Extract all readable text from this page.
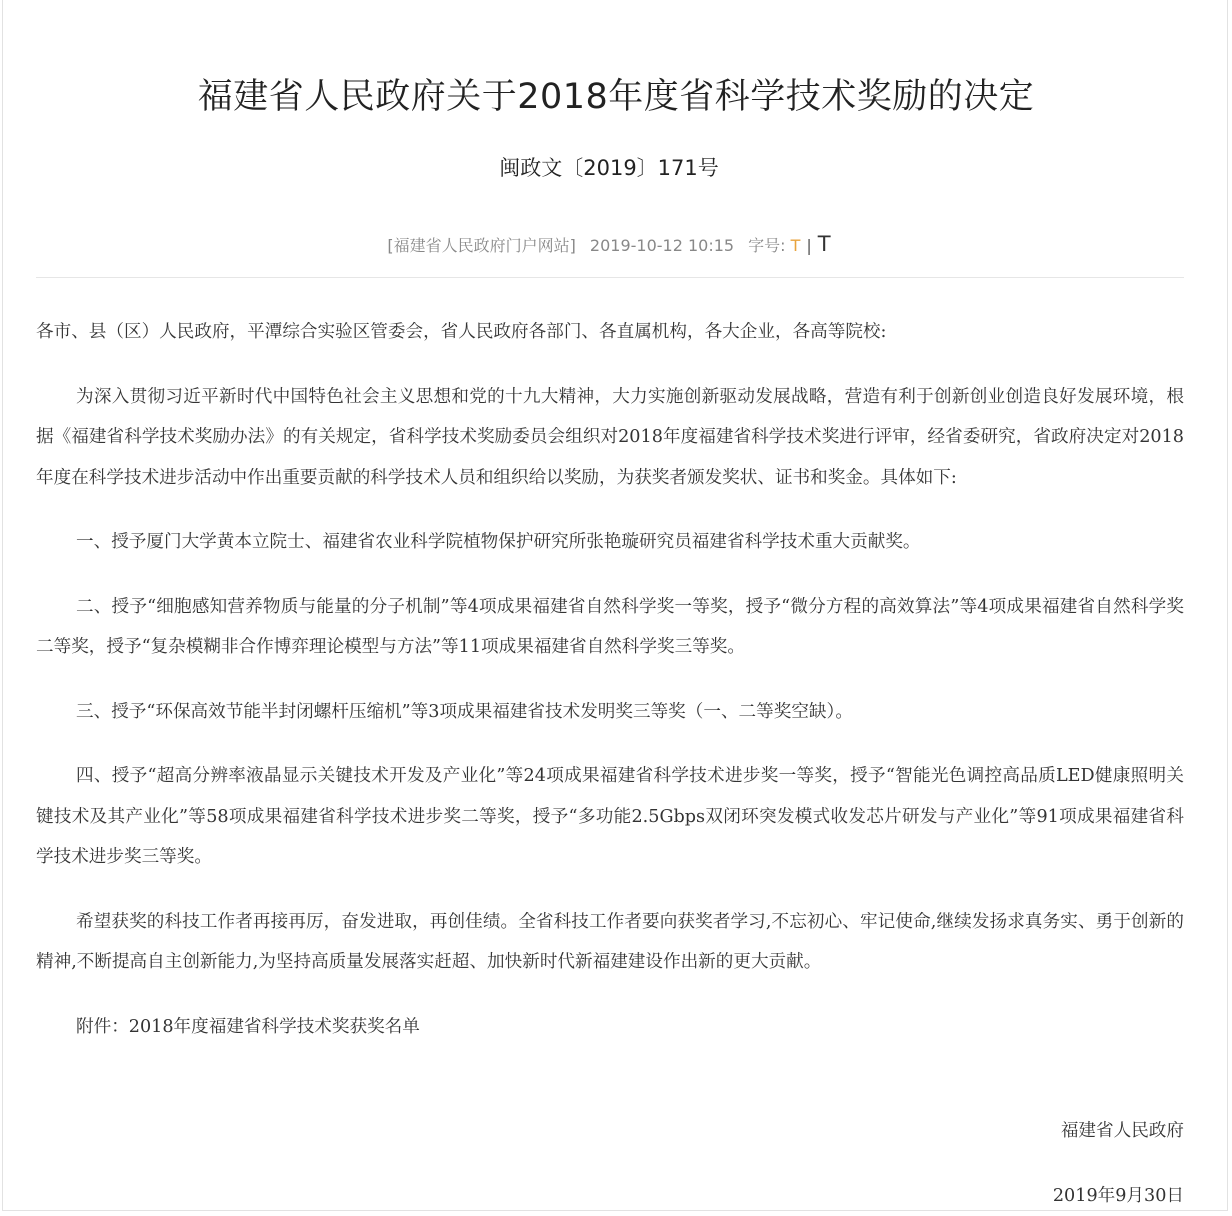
福建省人民政府关于2018年度省科学技术奖励的决定
闽政文〔2019〕171号
[福建省人民政府门户网站] 2019-10-12 10:15 字号: T | T

各市、县（区）人民政府，平潭综合实验区管委会，省人民政府各部门、各直属机构，各大企业，各高等院校:

为深入贯彻习近平新时代中国特色社会主义思想和党的十九大精神，大力实施创新驱动发展战略，营造有利于创新创业创造良好发展环境，根据《福建省科学技术奖励办法》的有关规定，省科学技术奖励委员会组织对2018年度福建省科学技术奖进行评审，经省委研究，省政府决定对2018年度在科学技术进步活动中作出重要贡献的科学技术人员和组织给以奖励，为获奖者颁发奖状、证书和奖金。具体如下:

一、授予厦门大学黄本立院士、福建省农业科学院植物保护研究所张艳璇研究员福建省科学技术重大贡献奖。

二、授予“细胞感知营养物质与能量的分子机制”等4项成果福建省自然科学奖一等奖，授予“微分方程的高效算法”等4项成果福建省自然科学奖二等奖，授予“复杂模糊非合作博弈理论模型与方法”等11项成果福建省自然科学奖三等奖。

三、授予“环保高效节能半封闭螺杆压缩机”等3项成果福建省技术发明奖三等奖（一、二等奖空缺）。

四、授予“超高分辨率液晶显示关键技术开发及产业化”等24项成果福建省科学技术进步奖一等奖，授予“智能光色调控高品质LED健康照明关键技术及其产业化”等58项成果福建省科学技术进步奖二等奖，授予“多功能2.5Gbps双闭环突发模式收发芯片研发与产业化”等91项成果福建省科学技术进步奖三等奖。

希望获奖的科技工作者再接再厉，奋发进取，再创佳绩。全省科技工作者要向获奖者学习,不忘初心、牢记使命,继续发扬求真务实、勇于创新的精神,不断提高自主创新能力,为坚持高质量发展落实赶超、加快新时代新福建建设作出新的更大贡献。

附件：2018年度福建省科学技术奖获奖名单

福建省人民政府
2019年9月30日
